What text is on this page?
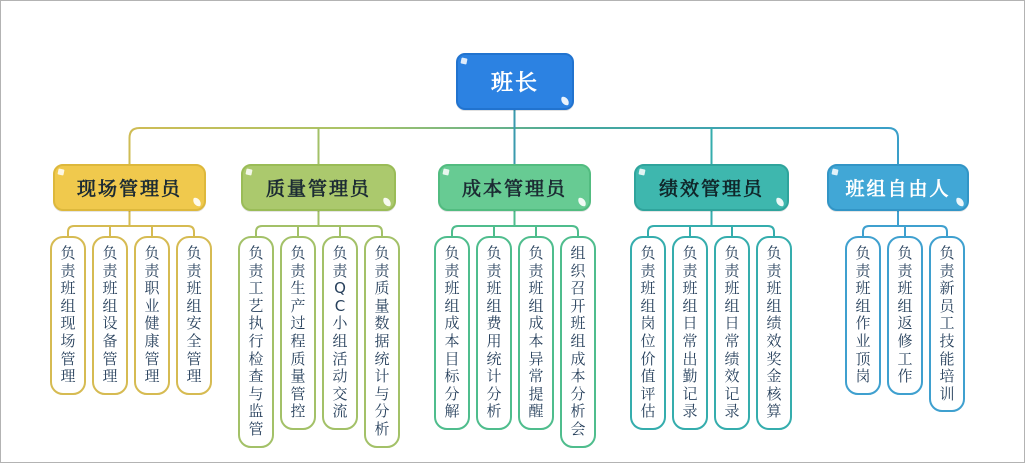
班长
现场管理员	质量管理员	成本管理员	绩效管理员	班组自由人
负责班组现场管理
负责班组设备管理
负责职业健康管理
负责班组安全管理
负责工艺执行检查与监管
负责生产过程质量管控
负责QC小组活动交流
负责质量数据统计与分析
负责班组成本目标分解
负责班组费用统计分析
负责班组成本异常提醒
组织召开班组成本分析会
负责班组岗位价值评估
负责班组日常出勤记录
负责班组日常绩效记录
负责班组绩效奖金核算
负责班组作业顶岗
负责班组返修工作
负责新员工技能培训
